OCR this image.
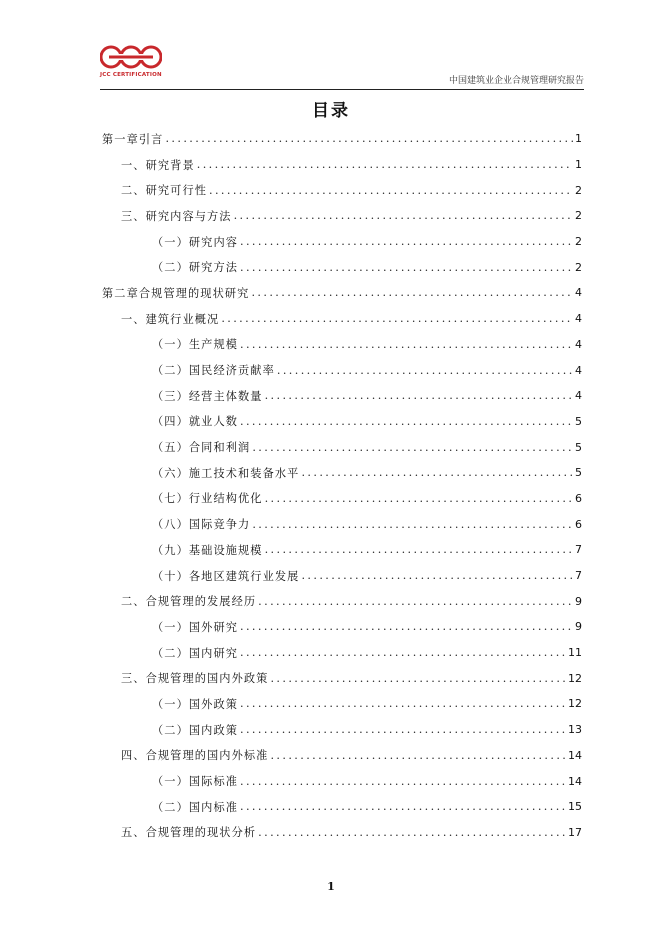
JCC CERTIFICATION
中国建筑业企业合规管理研究报告
目录
第一章引言 .....	1
一、研究背景 .....	1
二、研究可行性 .....	2
三、研究内容与方法 .....	2
（一）研究内容 .....	2
（二）研究方法 .....	2
第二章合规管理的现状研究 .....	4
一、建筑行业概况 .....	4
（一）生产规模 .....	4
（二）国民经济贡献率 .....	4
（三）经营主体数量 .....	4
（四）就业人数 .....	5
（五）合同和利润 .....	5
（六）施工技术和装备水平 .....	5
（七）行业结构优化 .....	6
（八）国际竞争力 .....	6
（九）基础设施规模 .....	7
（十）各地区建筑行业发展 .....	7
二、合规管理的发展经历 .....	9
（一）国外研究 .....	9
（二）国内研究 .....	11
三、合规管理的国内外政策 .....	12
（一）国外政策 .....	12
（二）国内政策 .....	13
四、合规管理的国内外标准 .....	14
（一）国际标准 .....	14
（二）国内标准 .....	15
五、合规管理的现状分析 .....	17
1
